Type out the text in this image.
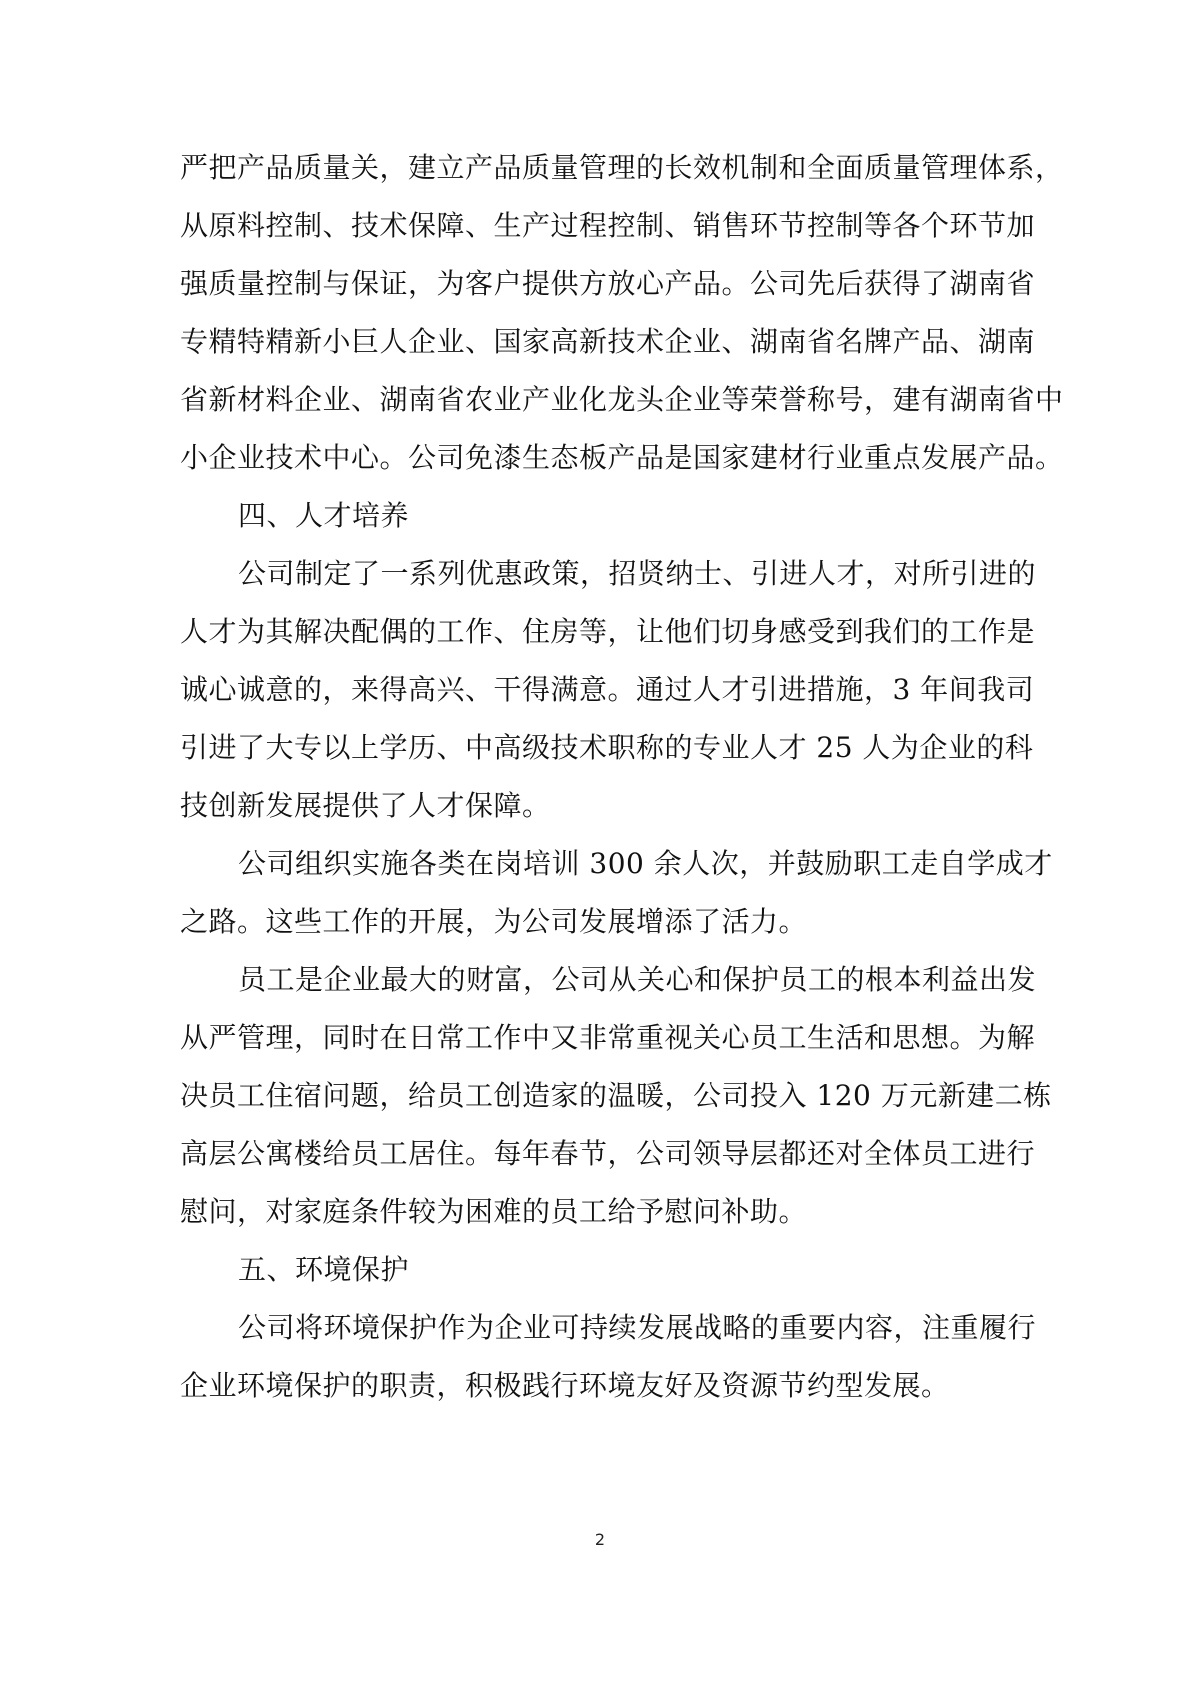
严把产品质量关，建立产品质量管理的长效机制和全面质量管理体系，
从原料控制、技术保障、生产过程控制、销售环节控制等各个环节加
强质量控制与保证，为客户提供方放心产品。公司先后获得了湖南省
专精特精新小巨人企业、国家高新技术企业、湖南省名牌产品、湖南
省新材料企业、湖南省农业产业化龙头企业等荣誉称号，建有湖南省中
小企业技术中心。公司免漆生态板产品是国家建材行业重点发展产品。
四、人才培养
公司制定了一系列优惠政策，招贤纳士、引进人才，对所引进的
人才为其解决配偶的工作、住房等，让他们切身感受到我们的工作是
诚心诚意的，来得高兴、干得满意。通过人才引进措施，3 年间我司
引进了大专以上学历、中高级技术职称的专业人才 25 人为企业的科
技创新发展提供了人才保障。
公司组织实施各类在岗培训 300 余人次，并鼓励职工走自学成才
之路。这些工作的开展，为公司发展增添了活力。
员工是企业最大的财富，公司从关心和保护员工的根本利益出发
从严管理，同时在日常工作中又非常重视关心员工生活和思想。为解
决员工住宿问题，给员工创造家的温暖，公司投入 120 万元新建二栋
高层公寓楼给员工居住。每年春节，公司领导层都还对全体员工进行
慰问，对家庭条件较为困难的员工给予慰问补助。
五、环境保护
公司将环境保护作为企业可持续发展战略的重要内容，注重履行
企业环境保护的职责，积极践行环境友好及资源节约型发展。
2
